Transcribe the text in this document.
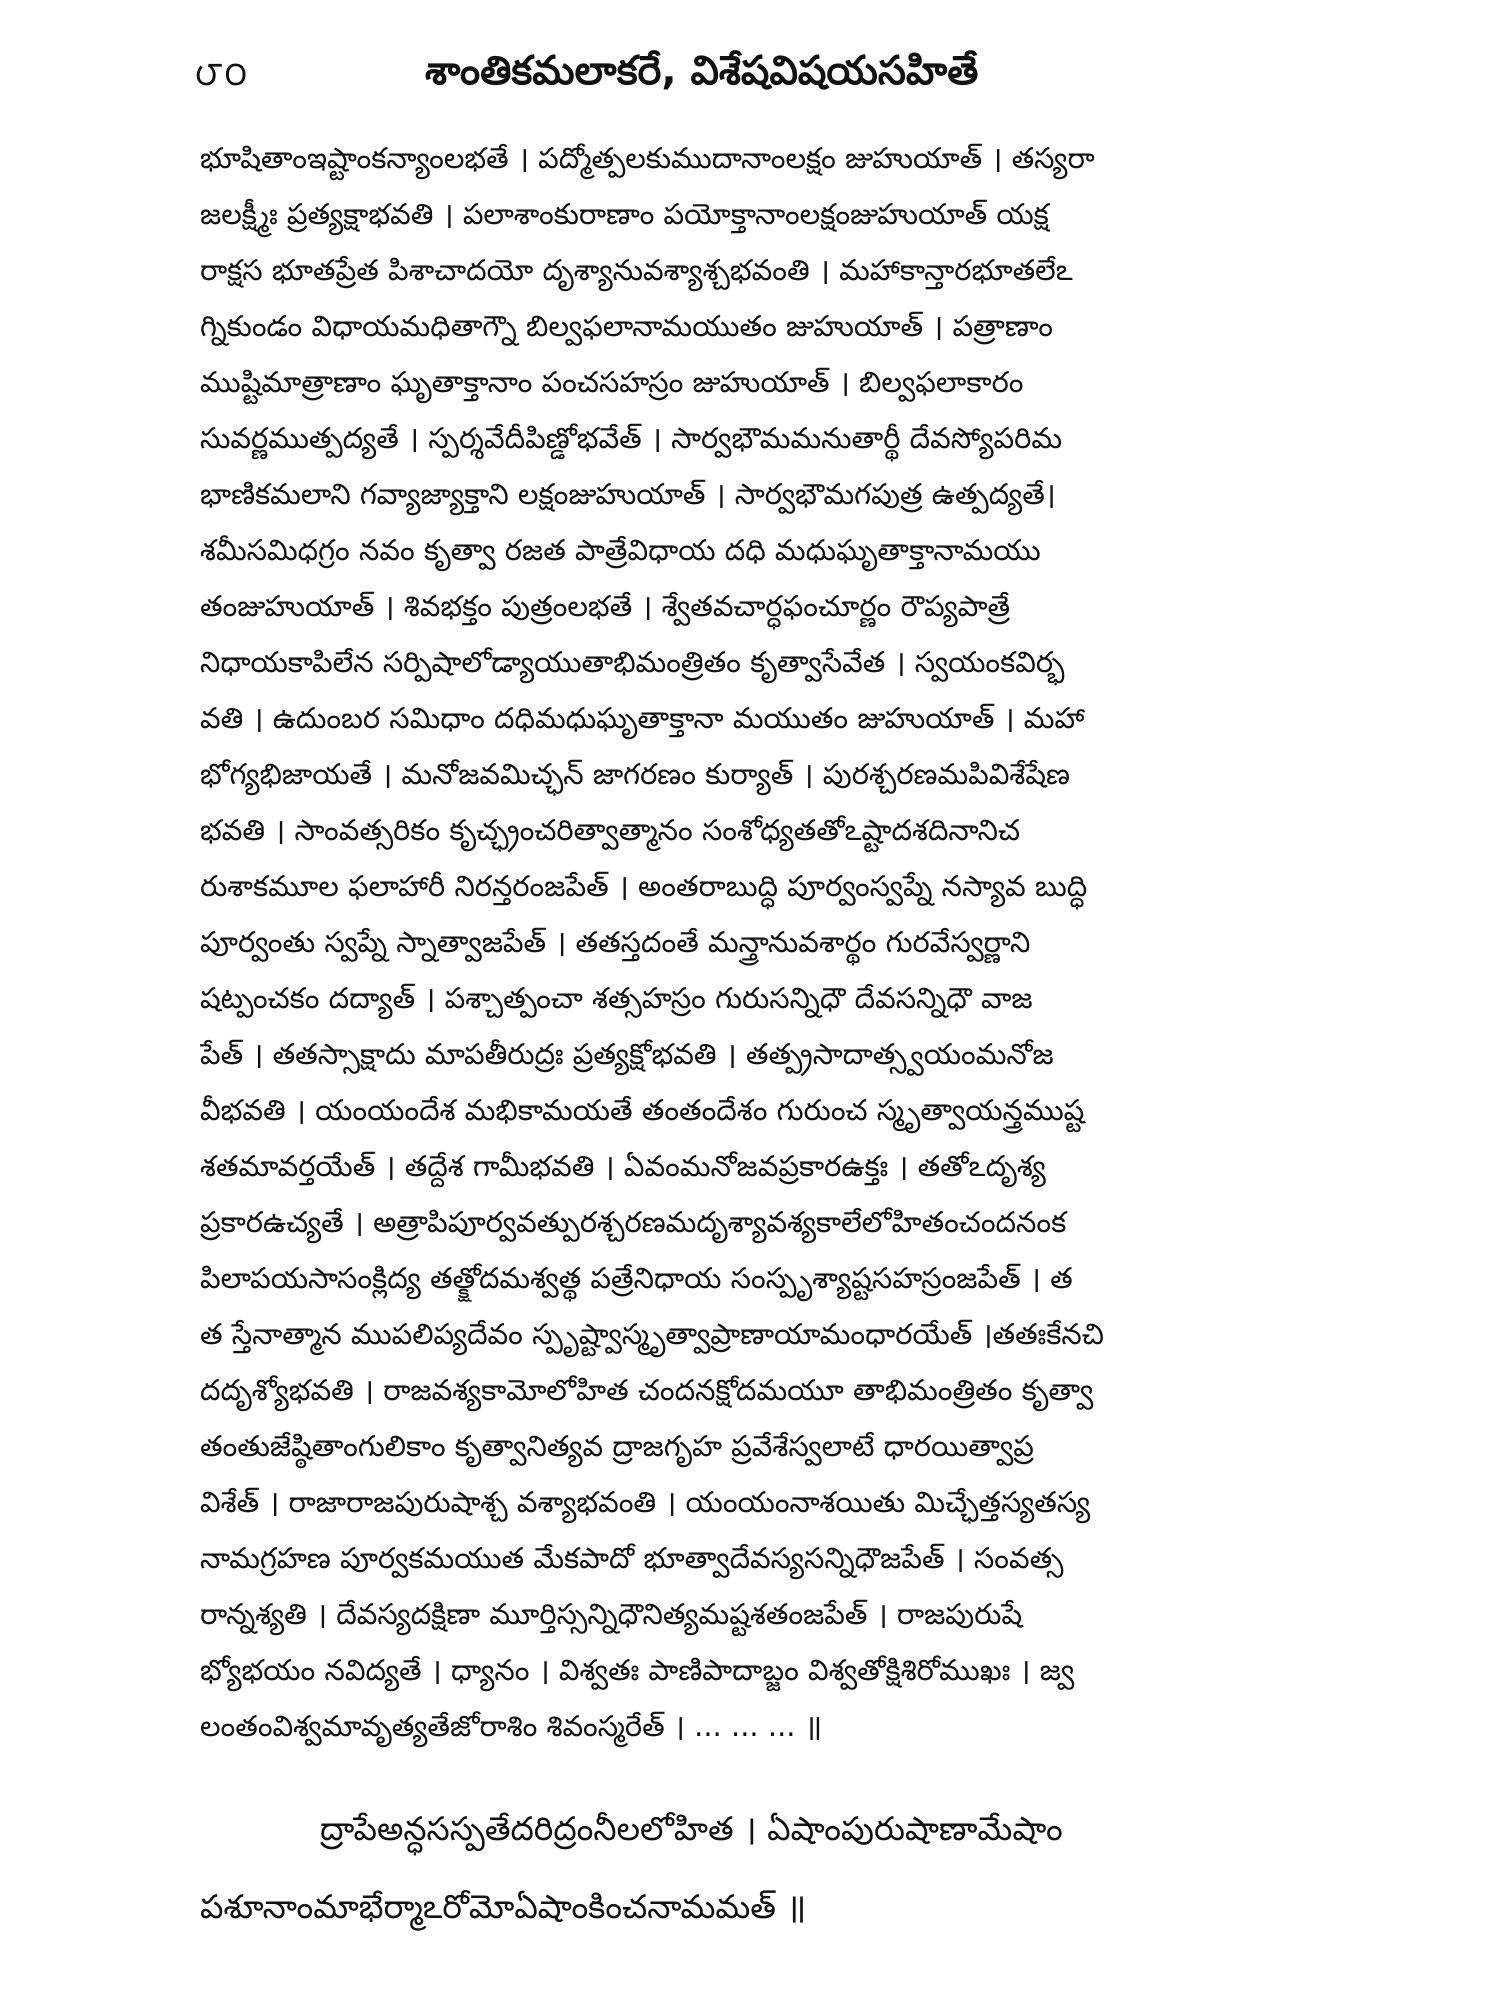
౮౦	శాంతికమలాకరే, విశేషవిషయసహితే
భూషితాంఇష్టాంకన్యాంలభతే । పద్మోత్పలకుముదానాంలక్షం జుహుయాత్ । తస్యరా
జలక్ష్మీః ప్రత్యక్షాభవతి । పలాశాంకురాణాం పయోక్తానాంలక్షంజుహుయాత్ యక్ష
రాక్షస భూతప్రేత పిశాచాదయో దృశ్యానువశ్యాశ్చభవంతి । మహాకాన్తారభూతలేఽ
గ్నికుండం విధాయమధితాగ్నౌ బిల్వఫలానామయుతం జుహుయాత్ । పత్రాణాం
ముష్టిమాత్రాణాం ఘృతాక్తానాం పంచసహస్రం జుహుయాత్ । బిల్వఫలాకారం
సువర్ణముత్పద్యతే । స్పర్శవేదీపిణ్డోభవేత్ । సార్వభౌమమనుతార్థీ దేవస్యోపరిమ
భాణికమలాని గవ్యాజ్యాక్తాని లక్షంజుహుయాత్ । సార్వభౌమగపుత్ర ఉత్పద్యతే।
శమీసమిధగ్రం నవం కృత్వా రజత పాత్రేవిధాయ దధి మధుఘృతాక్తానామయు
తంజుహుయాత్ । శివభక్తం పుత్రంలభతే । శ్వేతవచార్ధఫంచూర్ణం రౌప్యపాత్రే
నిధాయకాపిలేన సర్పిషాలోడ్యాయుతాభిమంత్రితం కృత్వాసేవేత । స్వయంకవిర్భ
వతి । ఉదుంబర సమిధాం దధిమధుఘృతాక్తానా మయుతం జుహుయాత్ । మహా
భోగ్యభిజాయతే । మనోజవమిచ్ఛన్ జాగరణం కుర్యాత్ । పురశ్చరణమపివిశేషేణ
భవతి । సాంవత్సరికం కృచ్ఛ్రంచరిత్వాత్మానం సంశోధ్యతతోఽష్టాదశదినానిచ
రుశాకమూల ఫలాహారీ నిరన్తరంజపేత్ । అంతరాబుద్ధి పూర్వంస్వప్నే నస్యావ బుద్ధి
పూర్వంతు స్వప్నే స్నాత్వాజపేత్ । తతస్తదంతే మన్త్రానువశార్థం గురవేస్వర్ణాని
షట్పంచకం దద్యాత్ । పశ్చాత్పంచా శత్సహస్రం గురుసన్నిధౌ దేవసన్నిధౌ వాజ
పేత్ । తతస్సాక్షాదు మాపతీరుద్రః ప్రత్యక్షోభవతి । తత్ప్రసాదాత్స్వయంమనోజ
వీభవతి । యంయందేశ మభికామయతే తంతందేశం గురుంచ స్మృత్వాయన్త్రముష్ట
శతమావర్తయేత్ । తద్దేశ గామీభవతి । ఏవంమనోజవప్రకారఉక్తః । తతోఽదృశ్య
ప్రకారఉచ్యతే । అత్రాపిపూర్వవత్పురశ్చరణమదృశ్యావశ్యకాలేలోహితంచందనంక
పిలాపయసాసంక్లిద్య తత్క్షోదమశ్వత్థ పత్రేనిధాయ సంస్పృశ్యాష్టసహస్రంజపేత్ । త
త స్తేనాత్మాన ముపలిప్యదేవం స్పృష్ట్వాస్మృత్వాప్రాణాయామంధారయేత్ ।తతఃకేనచి
దదృశ్యోభవతి । రాజవశ్యకామోలోహిత చందనక్షోదమయూ తాభిమంత్రితం కృత్వా
తంతుజేష్ఠితాంగులికాం కృత్వానిత్యవ ద్రాజగృహ ప్రవేశేస్వలాటే ధారయిత్వాప్ర
విశేత్ । రాజారాజపురుషాశ్చ వశ్యాభవంతి । యంయంనాశయితు మిచ్ఛేత్తస్యతస్య
నామగ్రహణ పూర్వకమయుత మేకపాదో భూత్వాదేవస్యసన్నిధౌజపేత్ । సంవత్స
రాన్నశ్యతి । దేవస్యదక్షిణా మూర్తిస్సన్నిధౌనిత్యమష్టశతంజపేత్ । రాజపురుషే
భ్యోభయం నవిద్యతే । ధ్యానం । విశ్వతః పాణిపాదాబ్జం విశ్వతోక్షిశిరోముఖః । జ్వ
లంతంవిశ్వమావృత్యతేజోరాశిం శివంస్మరేత్ । ... ... ... ॥
ద్రాపేఅన్ధసస్పతేదరిద్రంనీలలోహిత । ఏషాంపురుషాణామేషాం
పశూనాంమాభేర్మాఽరోమోఏషాంకించనామమత్ ॥
